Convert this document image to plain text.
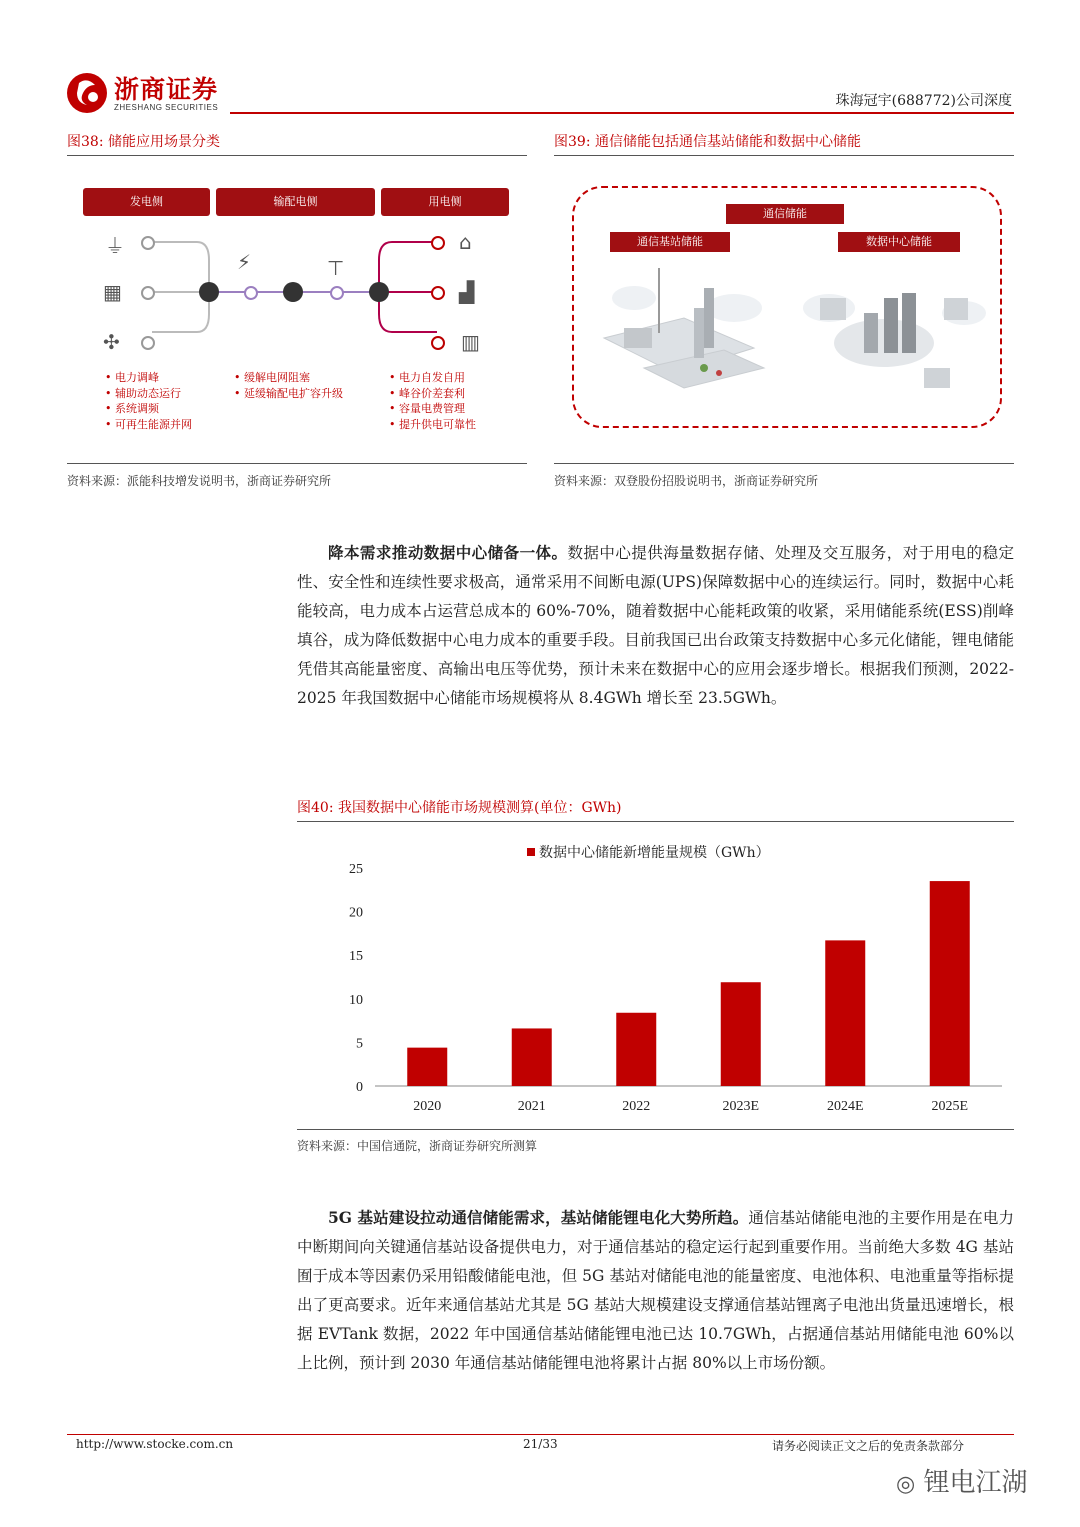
浙商证券
ZHESHANG SECURITIES	珠海冠宇(688772)公司深度
图38: 储能应用场景分类
发电侧	输配电侧	用电侧
⏚
▦
✣
⚡	⊤
⌂
▟
▥
• 电力调峰
• 辅助动态运行
• 系统调频
• 可再生能源并网
• 缓解电网阻塞
• 延缓输配电扩容升级
• 电力自发自用
• 峰谷价差套利
• 容量电费管理
• 提升供电可靠性
资料来源：派能科技增发说明书，浙商证券研究所
图39: 通信储能包括通信基站储能和数据中心储能
通信储能
通信基站储能	数据中心储能
资料来源：双登股份招股说明书，浙商证券研究所
降本需求推动数据中心储备一体。数据中心提供海量数据存储、处理及交互服务，对于用电的稳定性、安全性和连续性要求极高，通常采用不间断电源(UPS)保障数据中心的连续运行。同时，数据中心耗能较高，电力成本占运营总成本的 60%-70%，随着数据中心能耗政策的收紧，采用储能系统(ESS)削峰填谷，成为降低数据中心电力成本的重要手段。目前我国已出台政策支持数据中心多元化储能，锂电储能凭借其高能量密度、高输出电压等优势，预计未来在数据中心的应用会逐步增长。根据我们预测，2022-2025 年我国数据中心储能市场规模将从 8.4GWh 增长至 23.5GWh。
图40: 我国数据中心储能市场规模测算(单位：GWh)
0
5
10
15
20
25
2020	2021	2022	2023E	2024E	2025E
数据中心储能新增能量规模（GWh）
资料来源：中国信通院，浙商证券研究所测算
5G 基站建设拉动通信储能需求，基站储能锂电化大势所趋。通信基站储能电池的主要作用是在电力中断期间向关键通信基站设备提供电力，对于通信基站的稳定运行起到重要作用。当前绝大多数 4G 基站囿于成本等因素仍采用铅酸储能电池，但 5G 基站对储能电池的能量密度、电池体积、电池重量等指标提出了更高要求。近年来通信基站尤其是 5G 基站大规模建设支撑通信基站锂离子电池出货量迅速增长，根据 EVTank 数据，2022 年中国通信基站储能锂电池已达 10.7GWh，占据通信基站用储能电池 60%以上比例，预计到 2030 年通信基站储能锂电池将累计占据 80%以上市场份额。
http://www.stocke.com.cn	21/33	请务必阅读正文之后的免责条款部分
◎ 锂电江湖
